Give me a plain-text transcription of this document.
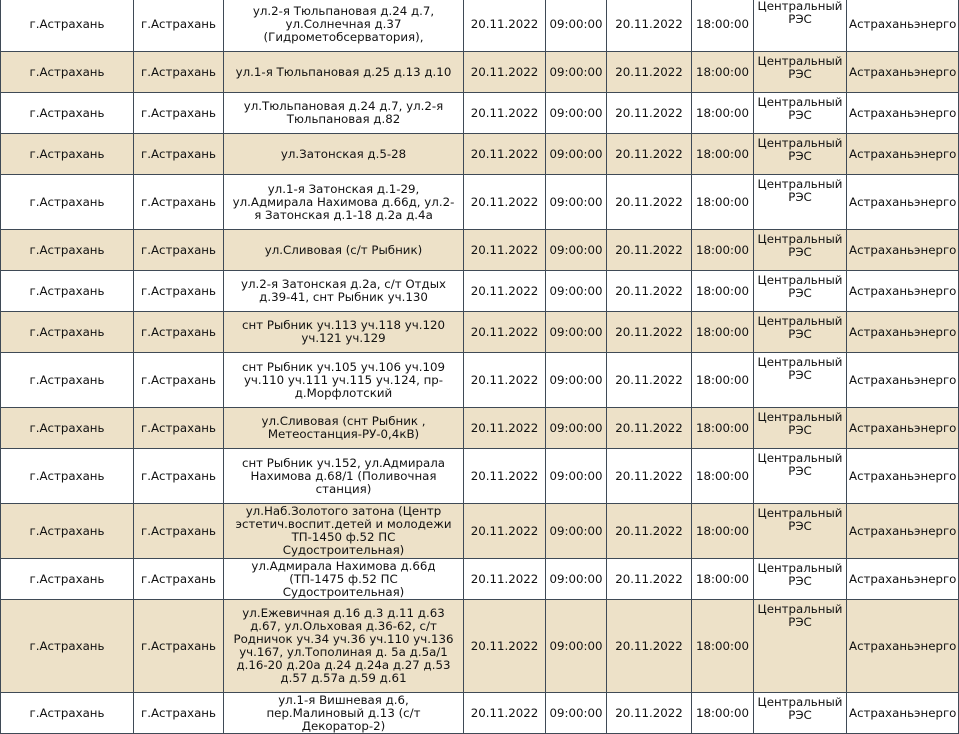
г.Астрахань	г.Астрахань	ул.2-я Тюльпановая д.24 д.7, ул.Солнечная д.37 (Гидрометобсерватория),	20.11.2022	09:00:00	20.11.2022	18:00:00	Центральный РЭС	Астраханьэнерго
г.Астрахань	г.Астрахань	ул.1-я Тюльпановая д.25 д.13 д.10	20.11.2022	09:00:00	20.11.2022	18:00:00	Центральный РЭС	Астраханьэнерго
г.Астрахань	г.Астрахань	ул.Тюльпановая д.24 д.7, ул.2-я Тюльпановая д.82	20.11.2022	09:00:00	20.11.2022	18:00:00	Центральный РЭС	Астраханьэнерго
г.Астрахань	г.Астрахань	ул.Затонская д.5-28	20.11.2022	09:00:00	20.11.2022	18:00:00	Центральный РЭС	Астраханьэнерго
г.Астрахань	г.Астрахань	ул.1-я Затонская д.1-29, ул.Адмирала Нахимова д.66д, ул.2-я Затонская д.1-18 д.2а д.4а	20.11.2022	09:00:00	20.11.2022	18:00:00	Центральный РЭС	Астраханьэнерго
г.Астрахань	г.Астрахань	ул.Сливовая (с/т Рыбник)	20.11.2022	09:00:00	20.11.2022	18:00:00	Центральный РЭС	Астраханьэнерго
г.Астрахань	г.Астрахань	ул.2-я Затонская д.2а, с/т Отдых д.39-41, снт Рыбник уч.130	20.11.2022	09:00:00	20.11.2022	18:00:00	Центральный РЭС	Астраханьэнерго
г.Астрахань	г.Астрахань	снт Рыбник уч.113 уч.118 уч.120 уч.121 уч.129	20.11.2022	09:00:00	20.11.2022	18:00:00	Центральный РЭС	Астраханьэнерго
г.Астрахань	г.Астрахань	снт Рыбник уч.105 уч.106 уч.109 уч.110 уч.111 уч.115 уч.124, пр-д.Морфлотский	20.11.2022	09:00:00	20.11.2022	18:00:00	Центральный РЭС	Астраханьэнерго
г.Астрахань	г.Астрахань	ул.Сливовая (снт Рыбник , Метеостанция-РУ-0,4кВ)	20.11.2022	09:00:00	20.11.2022	18:00:00	Центральный РЭС	Астраханьэнерго
г.Астрахань	г.Астрахань	снт Рыбник уч.152, ул.Адмирала Нахимова д.68/1 (Поливочная станция)	20.11.2022	09:00:00	20.11.2022	18:00:00	Центральный РЭС	Астраханьэнерго
г.Астрахань	г.Астрахань	ул.Наб.Золотого затона (Центр эстетич.воспит.детей и молодежи ТП-1450 ф.52 ПС Судостроительная)	20.11.2022	09:00:00	20.11.2022	18:00:00	Центральный РЭС	Астраханьэнерго
г.Астрахань	г.Астрахань	ул.Адмирала Нахимова д.66д (ТП-1475 ф.52 ПС Судостроительная)	20.11.2022	09:00:00	20.11.2022	18:00:00	Центральный РЭС	Астраханьэнерго
г.Астрахань	г.Астрахань	ул.Ежевичная д.16 д.3 д.11 д.63 д.67, ул.Ольховая д.36-62, с/т Родничок уч.34 уч.36 уч.110 уч.136 уч.167, ул.Тополиная д. 5а д.5а/1 д.16-20 д.20а д.24 д.24а д.27 д.53 д.57 д.57а д.59 д.61	20.11.2022	09:00:00	20.11.2022	18:00:00	Центральный РЭС	Астраханьэнерго
г.Астрахань	г.Астрахань	ул.1-я Вишневая д.6, пер.Малиновый д.13 (с/т Декоратор-2)	20.11.2022	09:00:00	20.11.2022	18:00:00	Центральный РЭС	Астраханьэнерго
